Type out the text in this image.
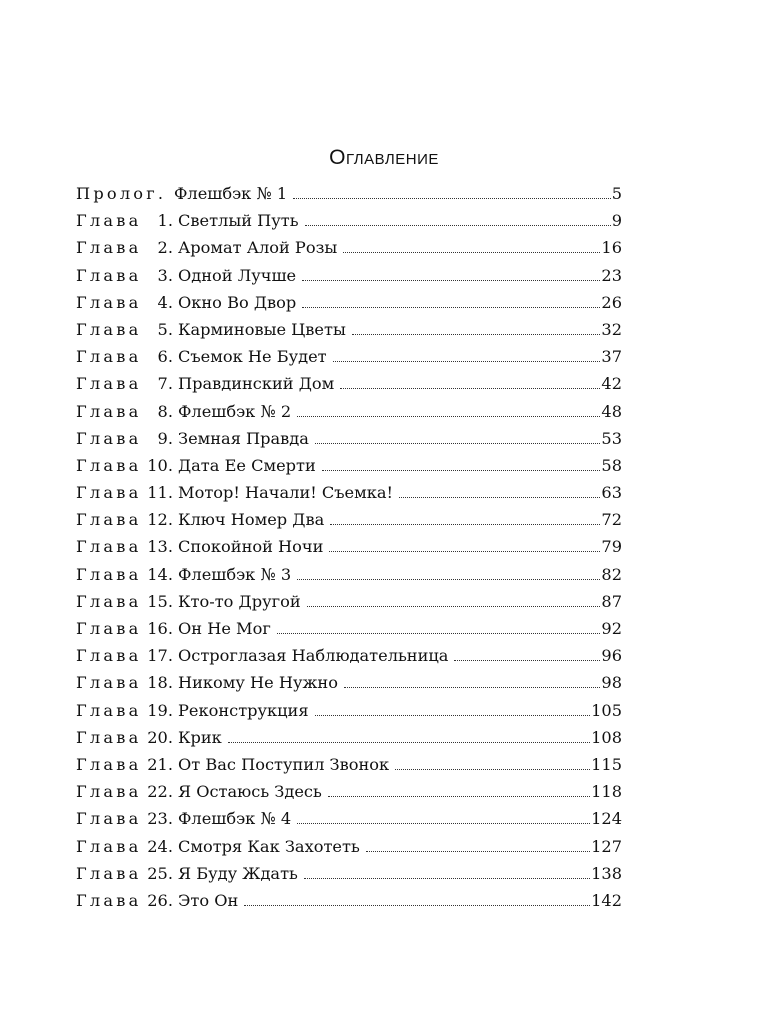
Оглавление
Пролог. Флешбэк № 1	5
Глава 1. Светлый Путь	9
Глава 2. Аромат Алой Розы	16
Глава 3. Одной Лучше	23
Глава 4. Окно Во Двор	26
Глава 5. Карминовые Цветы	32
Глава 6. Съемок Не Будет	37
Глава 7. Правдинский Дом	42
Глава 8. Флешбэк № 2	48
Глава 9. Земная Правда	53
Глава 10. Дата Ее Смерти	58
Глава 11. Мотор! Начали! Съемка!	63
Глава 12. Ключ Номер Два	72
Глава 13. Спокойной Ночи	79
Глава 14. Флешбэк № 3	82
Глава 15. Кто-то Другой	87
Глава 16. Он Не Мог	92
Глава 17. Остроглазая Наблюдательница	96
Глава 18. Никому Не Нужно	98
Глава 19. Реконструкция	105
Глава 20. Крик	108
Глава 21. От Вас Поступил Звонок	115
Глава 22. Я Остаюсь Здесь	118
Глава 23. Флешбэк № 4	124
Глава 24. Смотря Как Захотеть	127
Глава 25. Я Буду Ждать	138
Глава 26. Это Он	142
